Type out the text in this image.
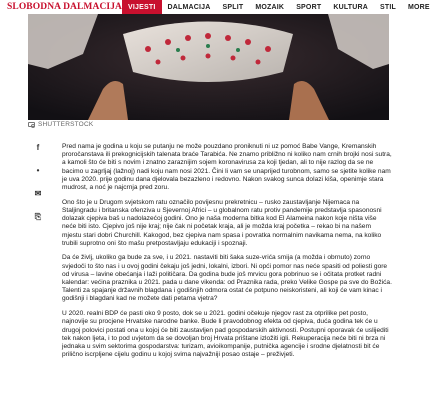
SLOBODNA DALMACIJA VIJESTI	DALMACIJA	SPLIT	MOZAIK	SPORT	KULTURA	STIL	MORE
SHUTTERSTOCK
f
•
✉
⎘

Pred nama je godina u koju se putanju ne može pouzdano proniknuti ni uz pomoć Babe Vange, Kremanskih proročanstava ili prekognicijskih talenata braće Tarabića. Ne znamo približno ni koliko nam crnih brojki nosi sutra, a kamoli što će biti s novim i znatno zaraznijim sojem koronavirusa za koji tjedan, ali to nije razlog da se ne bacimo u zagrljaj (lažnoj) nadi koju nam nosi 2021. Čini li vam se unaprijed turobnom, samo se sjetite kolike nam je uva 2020. prije godinu dana djelovala bezazleno i redovno. Nakon svakog sunca dolazi kiša, openimje stara mudrost, a noć je najcrnja pred zoru.

Ono što je u Drugom svjetskom ratu označilo povijesnu prekretnicu – rusko zaustavljanje Nijemaca na Staljingradu i britanska ofenziva u Sjevernoj Africi – u globalnom ratu protiv pandemije predstavlja spasonosni dolazak cjepiva baš u nadolazećoj godini. Ono je naša moderna bitka kod El Alameina nakon koje ništa više neće biti isto. Cjepivo još nije kraj; nije čak ni početak kraja, ali je možda kraj početka – rekao bi na našem mjestu stari dobri Churchill. Kakogod, bez cjepiva nam spasa i povratka normalnim navikama nema, na koliko trubili suprotno oni što mašu pretpostavljaju edukaciji i spoznaji.

Da će življ, ukoliko ga bude za sve, i u 2021. nastaviti biti šaka suze-vrića smija (a možda i obrnuto) zorno svjedoči to što nas i u ovoj godini čekaju još jedni, lokalni, izbori. Ni opći pomor nas neće spasiti od poliesti gore od virusa – lavine obećanja i laži političara. Da godina bude još mrvicu gora pobrinuo se i očitata protket radni kalendar: većina praznika u 2021. pada u dane vikenda: od Praznika rada, preko Velike Gospe pa sve do Božića. Talenti za spajanje državnih blagdana i godišnjih odmora ostat će potpuno neiskoristeni, ali koji će vam kinac i godišnji i blagdani kad ne možete dati petama vjetra?

U 2020. realni BDP će pasti oko 9 posto, dok se u 2021. godini očekuje njegov rast za otprilike pet posto, najnovije su procjene Hrvatske narodne banke. Bude li pravodobnog efekta od cjepiva, duća godina tek će u drugoj polovici postati ona u kojoj će biti zaustavljen pad gospodarskih aktivnosti. Postupni oporavak će uslijediti tek nakon ljeta, i to pod uvjetom da se dovoljan broj Hrvata prištane izložiti igli. Rekuperacija neće biti ni brza ni jednaka u svim sektorima gospodarstva: turizam, avioikompanije, putnička agencije i srodne djelatnosti bit će prilično iscrpljene cijelu godinu u kojoj svima najvažniji posao ostaje – preživjeti.
